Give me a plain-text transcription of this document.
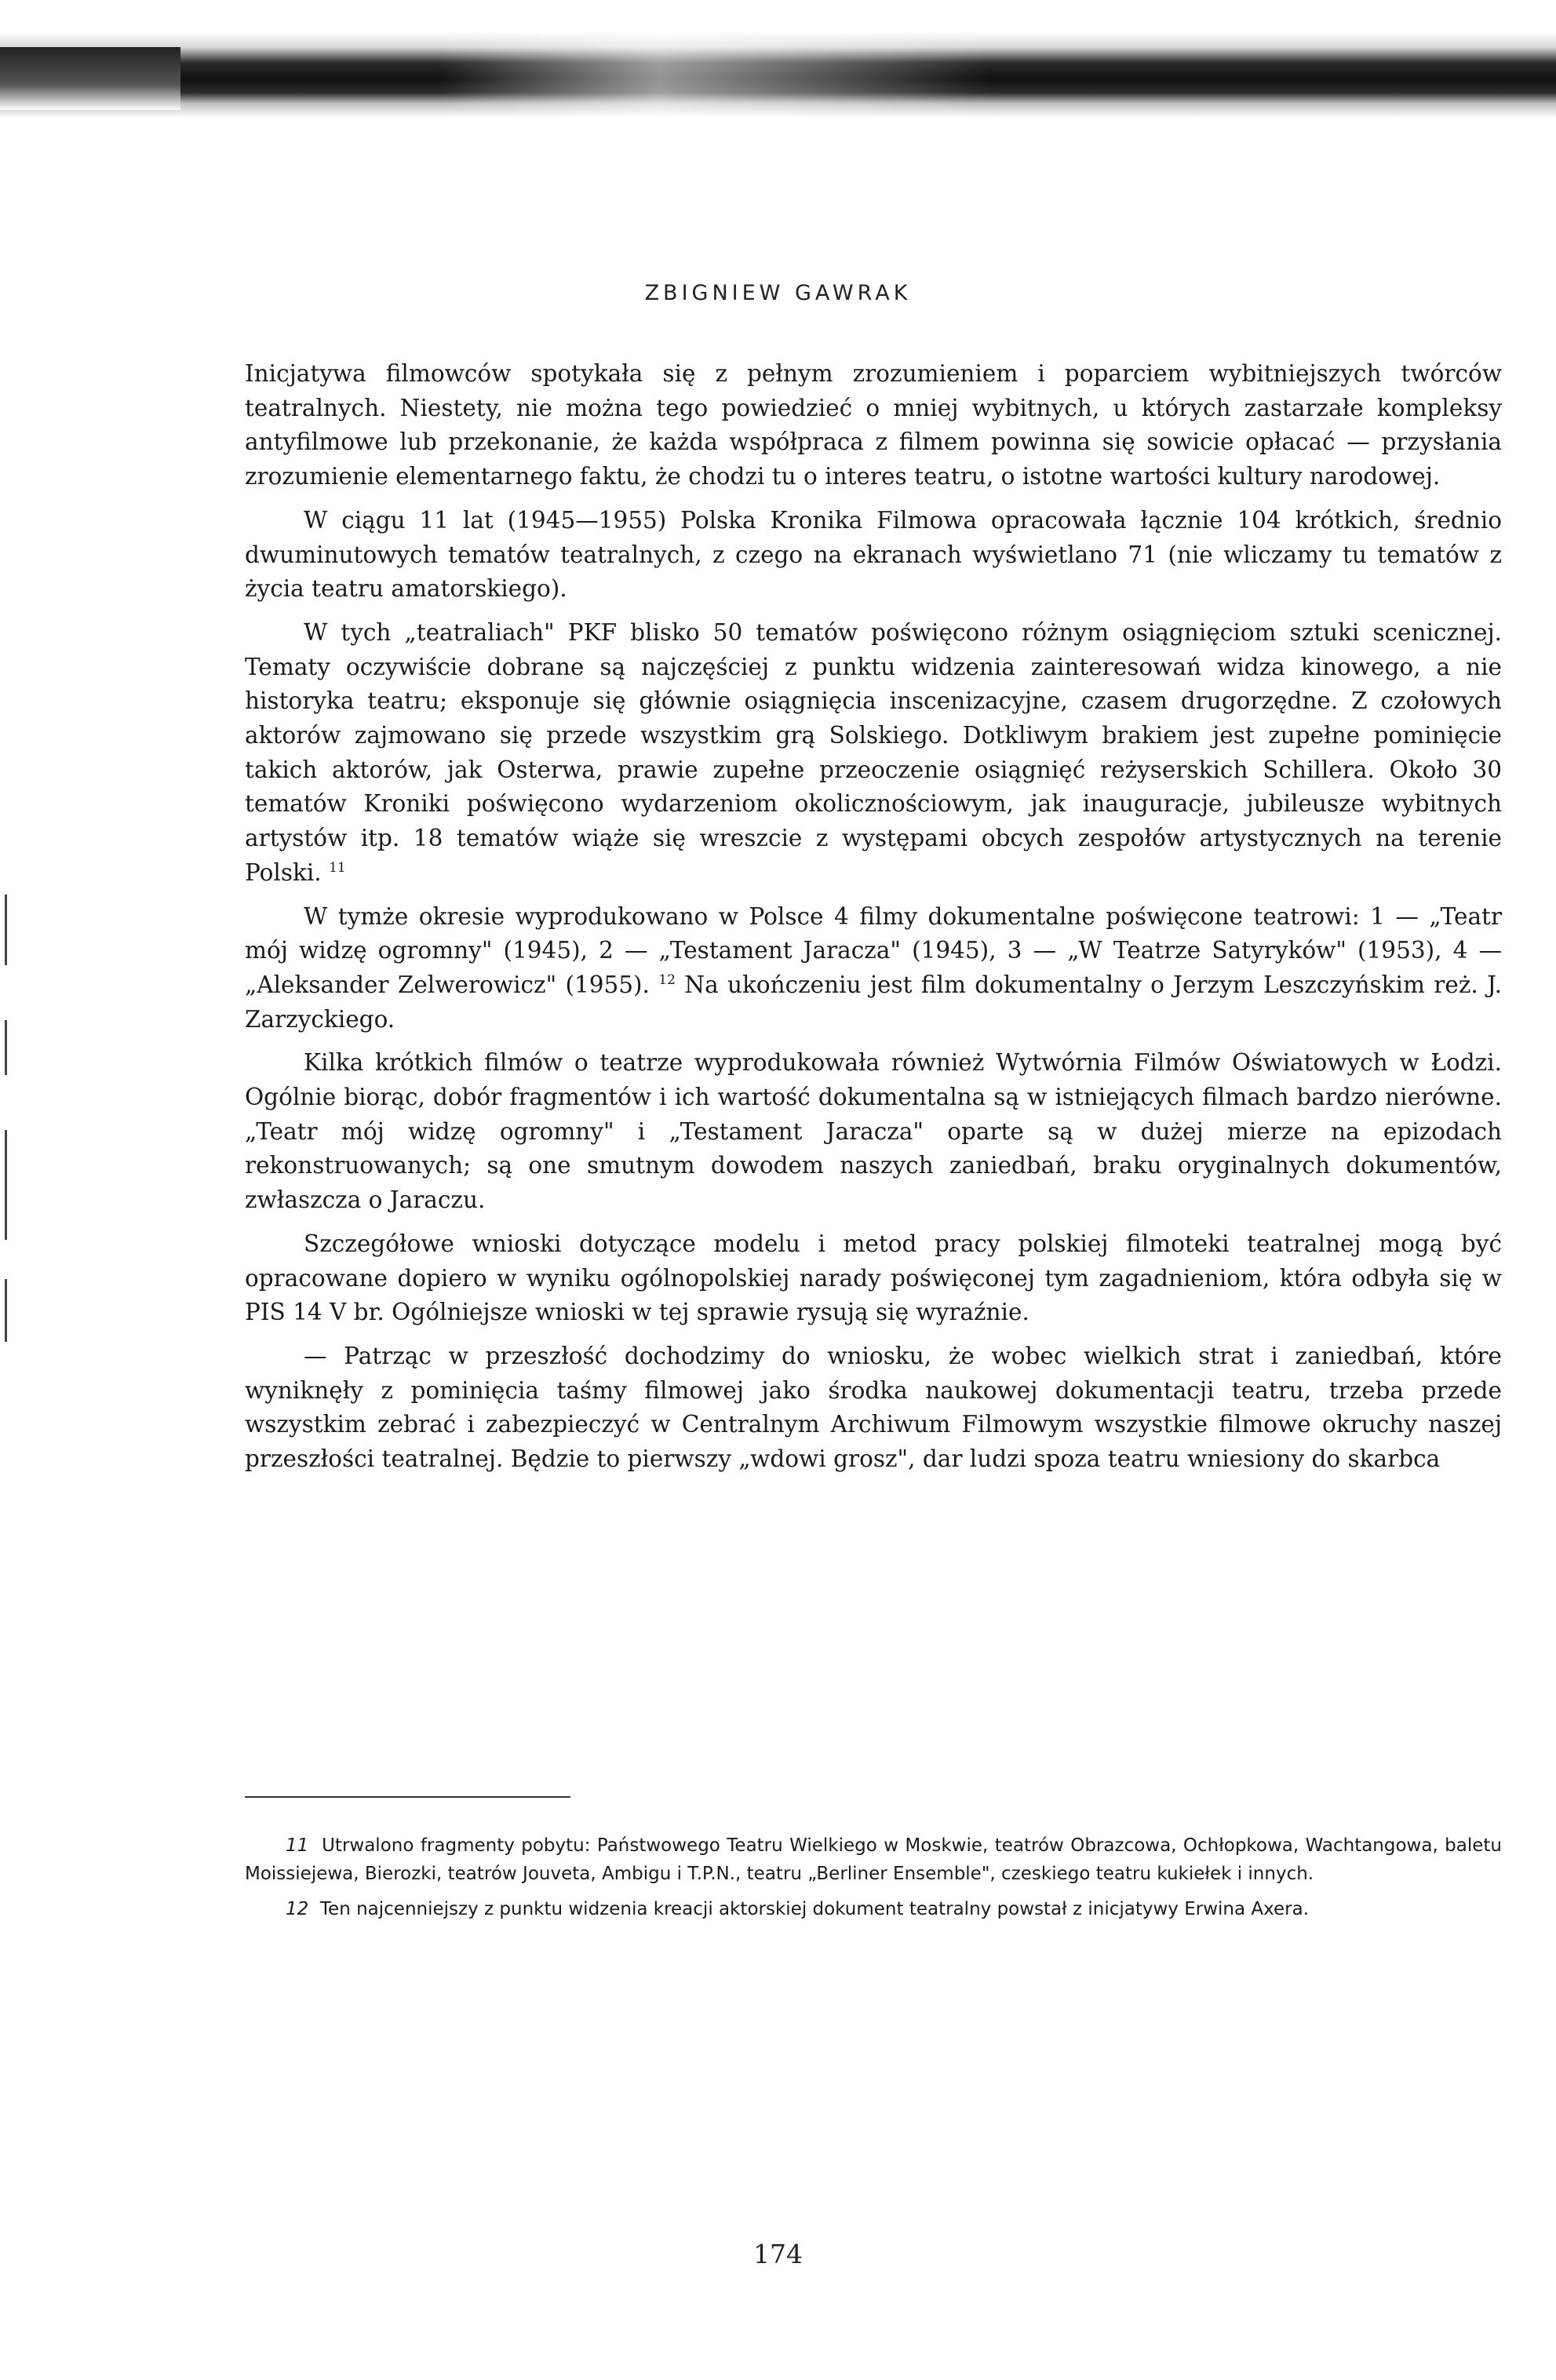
ZBIGNIEW GAWRAK

Inicjatywa filmowców spotykała się z pełnym zrozumieniem i poparciem wybitniejszych twórców teatralnych. Niestety, nie można tego powiedzieć o mniej wybitnych, u których zastarzałe kompleksy antyfilmowe lub przekonanie, że każda współpraca z filmem powinna się sowicie opłacać — przysłania zrozumienie elementarnego faktu, że chodzi tu o interes teatru, o istotne wartości kultury narodowej.

W ciągu 11 lat (1945—1955) Polska Kronika Filmowa opracowała łącznie 104 krótkich, średnio dwuminutowych tematów teatralnych, z czego na ekranach wyświetlano 71 (nie wliczamy tu tematów z życia teatru amatorskiego).

W tych „teatraliach" PKF blisko 50 tematów poświęcono różnym osiągnięciom sztuki scenicznej. Tematy oczywiście dobrane są najczęściej z punktu widzenia zainteresowań widza kinowego, a nie historyka teatru; eksponuje się głównie osiągnięcia inscenizacyjne, czasem drugorzędne. Z czołowych aktorów zajmowano się przede wszystkim grą Solskiego. Dotkliwym brakiem jest zupełne pominięcie takich aktorów, jak Osterwa, prawie zupełne przeoczenie osiągnięć reżyserskich Schillera. Około 30 tematów Kroniki poświęcono wydarzeniom okolicznościowym, jak inauguracje, jubileusze wybitnych artystów itp. 18 tematów wiąże się wreszcie z występami obcych zespołów artystycznych na terenie Polski. $^{11}$

W tymże okresie wyprodukowano w Polsce 4 filmy dokumentalne poświęcone teatrowi: 1 — „Teatr mój widzę ogromny" (1945), 2 — „Testament Jaracza" (1945), 3 — „W Teatrze Satyryków" (1953), 4 — „Aleksander Zelwerowicz" (1955). $^{12}$ Na ukończeniu jest film dokumentalny o Jerzym Leszczyńskim reż. J. Zarzyckiego.

Kilka krótkich filmów o teatrze wyprodukowała również Wytwórnia Filmów Oświatowych w Łodzi. Ogólnie biorąc, dobór fragmentów i ich wartość dokumentalna są w istniejących filmach bardzo nierówne. „Teatr mój widzę ogromny" i „Testament Jaracza" oparte są w dużej mierze na epizodach rekonstruowanych; są one smutnym dowodem naszych zaniedbań, braku oryginalnych dokumentów, zwłaszcza o Jaraczu.

Szczegółowe wnioski dotyczące modelu i metod pracy polskiej filmoteki teatralnej mogą być opracowane dopiero w wyniku ogólnopolskiej narady poświęconej tym zagadnieniom, która odbyła się w PIS 14 V br. Ogólniejsze wnioski w tej sprawie rysują się wyraźnie.

— Patrząc w przeszłość dochodzimy do wniosku, że wobec wielkich strat i zaniedbań, które wyniknęły z pominięcia taśmy filmowej jako środka naukowej dokumentacji teatru, trzeba przede wszystkim zebrać i zabezpieczyć w Centralnym Archiwum Filmowym wszystkie filmowe okruchy naszej przeszłości teatralnej. Będzie to pierwszy „wdowi grosz", dar ludzi spoza teatru wniesiony do skarbca

11 Utrwalono fragmenty pobytu: Państwowego Teatru Wielkiego w Moskwie, teatrów Obrazcowa, Ochłopkowa, Wachtangowa, baletu Moissiejewa, Bierozki, teatrów Jouveta, Ambigu i T.P.N., teatru „Berliner Ensemble", czeskiego teatru kukiełek i innych.

12 Ten najcenniejszy z punktu widzenia kreacji aktorskiej dokument teatralny powstał z inicjatywy Erwina Axera.

174
